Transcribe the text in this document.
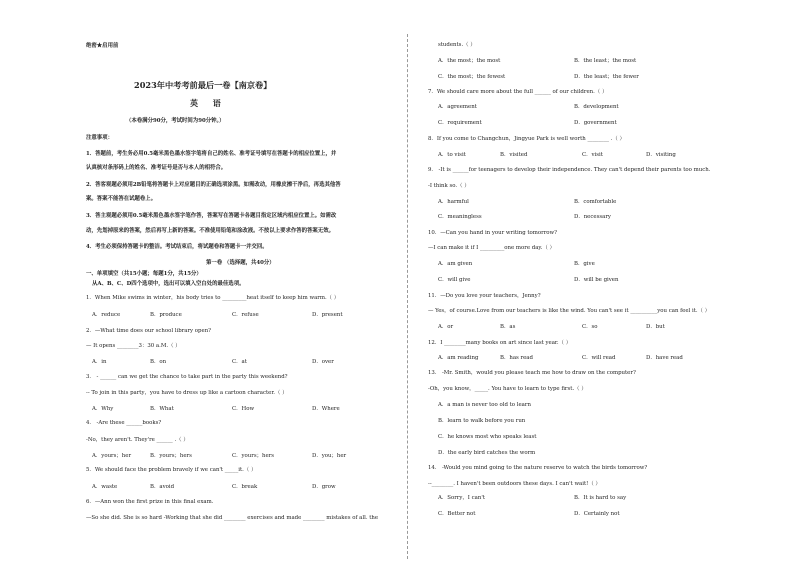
绝密★启用前
2023年中考考前最后一卷【南京卷】
英 语
（本卷满分90分，考试时间为90分钟。）
注意事项：
1．答题前，考生务必用0.5毫米黑色墨水签字笔将自己的姓名、准考证号填写在答题卡的相应位置上，并
认真核对条形码上的姓名、准考证号是否与本人的相符合。
2．答客观题必须用2B铅笔将答题卡上对应题目的正确选项涂黑。如需改动，用橡皮擦干净后，再选其他答
案。答案不能答在试题卷上。
3．答主观题必须用0.5毫米黑色墨水签字笔作答，答案写在答题卡各题目指定区域内相应位置上。如需改
动，先划掉原来的答案，然后再写上新的答案。不准使用铅笔和涂改液。不按以上要求作答的答案无效。
4．考生必须保持答题卡的整洁。考试结束后，将试题卷和答题卡一并交回。
第一卷 （选择题，共40分）
一、单项填空（共15小题；每题1分，共15分）
从A、B、C、D四个选项中，选出可以填入空白处的最佳选项。
1．When Mike swims in winter，his body tries to _________heat itself to keep him warm.（ ）
A．reduce	B．produce	C．refuse	D．present
2．—What time does our school library open?
— It opens ________3：30 a.M.（ ）
A．in	B．on	C．at	D．over
3． - ______ can we get the chance to take part in the party this weekend?
-- To join in this party，you have to dress up like a cartoon character.（ ）
A．Why	B．What	C．How	D．Where
4． -Are these ______books?
-No，they aren't. They're ______ .（ ）
A．yours；her	B．yours；hers	C．yours；hers	D．you；her
5．We should face the problem bravely if we can't _____it.（ ）
A．waste	B．avoid	C．break	D．grow
6．—Ann won the first prize in this final exam.
—So she did. She is so hard -Working that she did ________ exercises and made ________ mistakes of all. the
students.（ ）
A．the most；the most	B．the least；the most
C．the most；the fewest	D．the least；the fewer
7．We should care more about the full ______ of our children.（ ）
A．agreement	B．development
C．requirement	D．government
8．If you come to Changchun，Jingyue Park is well worth ________ .（ ）
A．to visit	B．visited	C．visit	D．visiting
9． -It is ______for teenagers to develop their independence. They can't depend their parents too much.
-I think so.（ ）
A．harmful	B．comfortable
C．meaningless	D．necessary
10．—Can you hand in your writing tomorrow?
—I can make it if I _________one more day.（ ）
A．am given	B．give
C．will give	D．will be given
11．—Do you love your teachers，Jenny?
— Yes，of course.Love from our teachers is like the wind. You can't see it __________you can feel it.（ ）
A．or	B．as	C．so	D．but
12．I ________many books on art since last year.（ ）
A．am reading	B．has read	C．will read	D．have read
13． -Mr. Smith，would you please teach me how to draw on the computer?
-Oh，you know，_____. You have to learn to type first.（ ）
A．a man is never too old to learn
B．learn to walk before you run
C．he knows most who speaks least
D．the early bird catches the worm
14． -Would you mind going to the nature reserve to watch the birds tomorrow?
--________. I haven't been outdoors these days. I can't wait!（ ）
A．Sorry，I can't	B．It is hard to say
C．Better not	D．Certainly not
